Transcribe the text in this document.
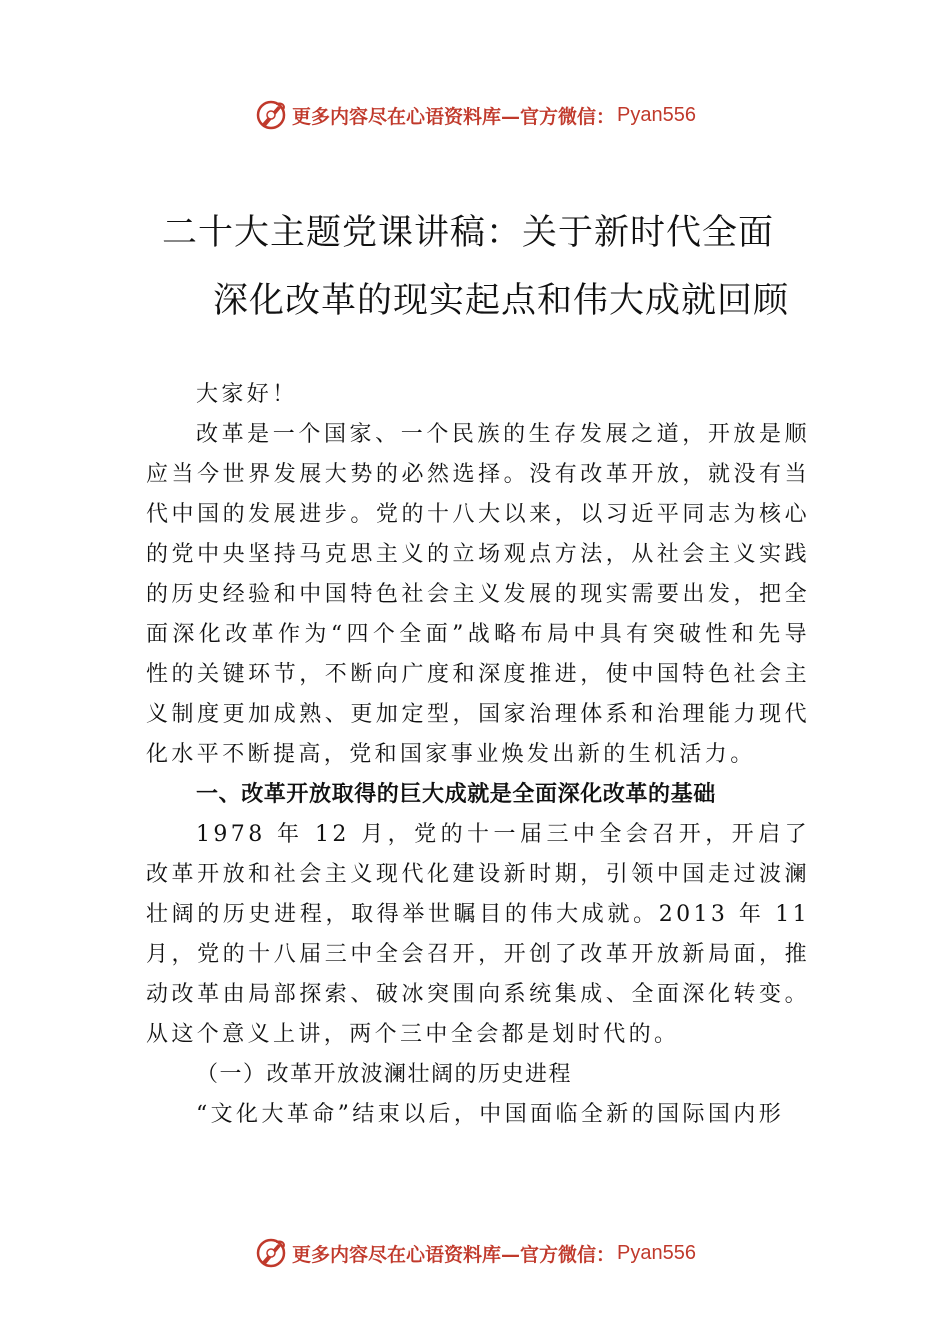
更多内容尽在心语资料库—官方微信： Pyan556
二十大主题党课讲稿：关于新时代全面
深化改革的现实起点和伟大成就回顾

大家好！

改革是一个国家、一个民族的生存发展之道，开放是顺应当今世界发展大势的必然选择。没有改革开放，就没有当代中国的发展进步。党的十八大以来，以习近平同志为核心的党中央坚持马克思主义的立场观点方法，从社会主义实践的历史经验和中国特色社会主义发展的现实需要出发，把全面深化改革作为“四个全面”战略布局中具有突破性和先导性的关键环节，不断向广度和深度推进，使中国特色社会主义制度更加成熟、更加定型，国家治理体系和治理能力现代化水平不断提高，党和国家事业焕发出新的生机活力。

一、改革开放取得的巨大成就是全面深化改革的基础

1978 年 12 月，党的十一届三中全会召开，开启了改革开放和社会主义现代化建设新时期，引领中国走过波澜壮阔的历史进程，取得举世瞩目的伟大成就。2013 年 11 月，党的十八届三中全会召开，开创了改革开放新局面，推动改革由局部探索、破冰突围向系统集成、全面深化转变。从这个意义上讲，两个三中全会都是划时代的。

（一）改革开放波澜壮阔的历史进程

“文化大革命”结束以后，中国面临全新的国际国内形

更多内容尽在心语资料库—官方微信： Pyan556
